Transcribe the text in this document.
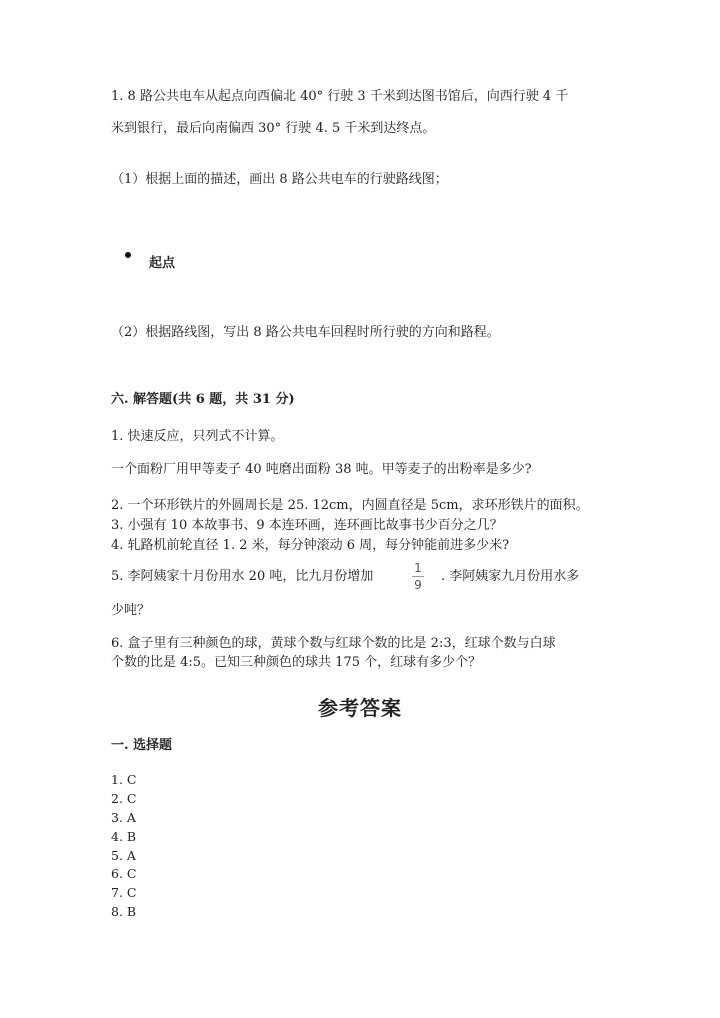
1. 8 路公共电车从起点向西偏北 40° 行驶 3 千米到达图书馆后，向西行驶 4 千
米到银行，最后向南偏西 30° 行驶 4. 5 千米到达终点。
（1）根据上面的描述，画出 8 路公共电车的行驶路线图；
起点
（2）根据路线图，写出 8 路公共电车回程时所行驶的方向和路程。
六. 解答题(共 6 题，共 31 分)
1. 快速反应，只列式不计算。
一个面粉厂用甲等麦子 40 吨磨出面粉 38 吨。甲等麦子的出粉率是多少?
2. 一个环形铁片的外圆周长是 25. 12cm，内圆直径是 5cm，求环形铁片的面积。
3. 小强有 10 本故事书、9 本连环画，连环画比故事书少百分之几？
4. 轧路机前轮直径 1. 2 米，每分钟滚动 6 周，每分钟能前进多少米?
5. 李阿姨家十月份用水 20 吨，比九月份增加
1
9
. 李阿姨家九月份用水多
少吨？
6. 盒子里有三种颜色的球，黄球个数与红球个数的比是 2:3，红球个数与白球
个数的比是 4:5。已知三种颜色的球共 175 个，红球有多少个？
参考答案
一. 选择题
1. C
2. C
3. A
4. B
5. A
6. C
7. C
8. B
